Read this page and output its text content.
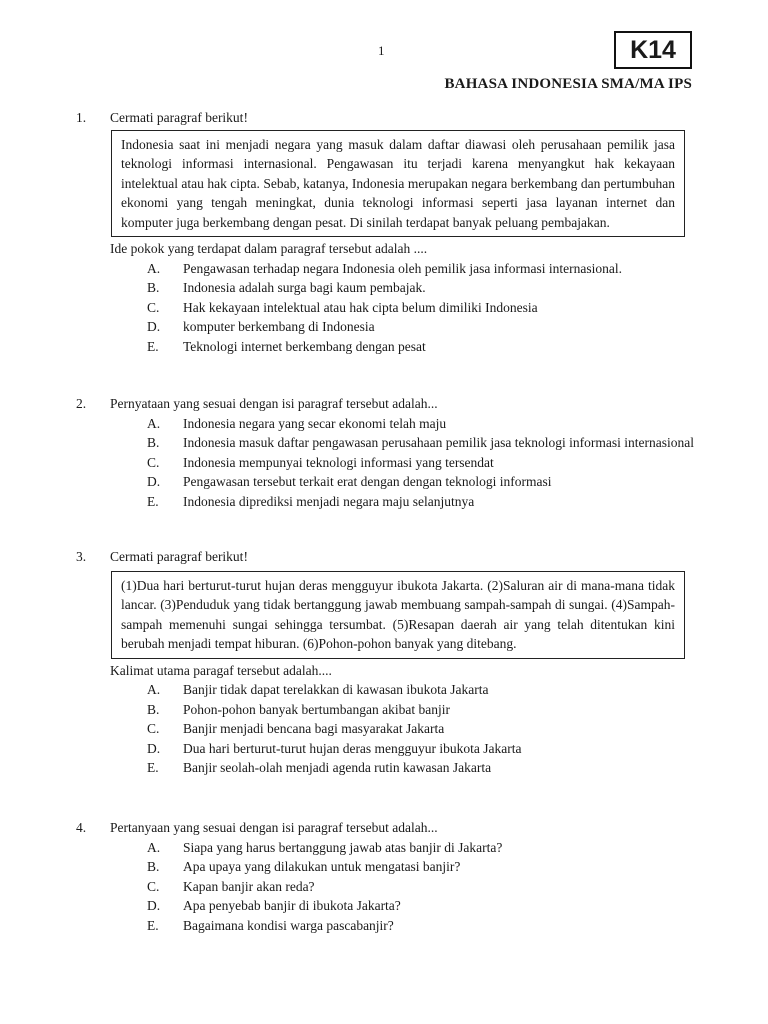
1	K14
BAHASA INDONESIA SMA/MA IPS
1. Cermati paragraf berikut!
Indonesia saat ini menjadi negara yang masuk dalam daftar diawasi oleh perusahaan pemilik jasa teknologi informasi internasional. Pengawasan itu terjadi karena menyangkut hak kekayaan intelektual atau hak cipta. Sebab, katanya, Indonesia merupakan negara berkembang dan pertumbuhan ekonomi yang tengah meningkat, dunia teknologi informasi seperti jasa layanan internet dan komputer juga berkembang dengan pesat. Di sinilah terdapat banyak peluang pembajakan.
Ide pokok yang terdapat dalam paragraf tersebut adalah ....
A. Pengawasan terhadap negara Indonesia oleh pemilik jasa informasi internasional.
B. Indonesia adalah surga bagi kaum pembajak.
C. Hak kekayaan intelektual atau hak cipta belum dimiliki Indonesia
D. komputer berkembang di Indonesia
E. Teknologi internet berkembang dengan pesat
2. Pernyataan yang sesuai dengan isi paragraf tersebut adalah...
A. Indonesia negara yang secar ekonomi telah maju
B. Indonesia masuk daftar pengawasan perusahaan pemilik jasa teknologi informasi internasional
C. Indonesia mempunyai teknologi informasi yang tersendat
D. Pengawasan tersebut terkait erat dengan dengan teknologi informasi
E. Indonesia diprediksi menjadi negara maju selanjutnya
3. Cermati paragraf berikut!
(1)Dua hari berturut-turut hujan deras mengguyur ibukota Jakarta. (2)Saluran air di mana-mana tidak lancar. (3)Penduduk yang tidak bertanggung jawab membuang sampah-sampah di sungai. (4)Sampah-sampah memenuhi sungai sehingga tersumbat. (5)Resapan daerah air yang telah ditentukan kini berubah menjadi tempat hiburan. (6)Pohon-pohon banyak yang ditebang.
Kalimat utama paragaf tersebut adalah....
A. Banjir tidak dapat terelakkan di kawasan ibukota Jakarta
B. Pohon-pohon banyak bertumbangan akibat banjir
C. Banjir menjadi bencana bagi masyarakat Jakarta
D. Dua hari berturut-turut hujan deras mengguyur ibukota Jakarta
E. Banjir seolah-olah menjadi agenda rutin kawasan Jakarta
4. Pertanyaan yang sesuai dengan isi paragraf tersebut adalah...
A. Siapa yang harus bertanggung jawab atas banjir di Jakarta?
B. Apa upaya yang dilakukan untuk mengatasi banjir?
C. Kapan banjir akan reda?
D. Apa penyebab banjir di ibukota Jakarta?
E. Bagaimana kondisi warga pascabanjir?
